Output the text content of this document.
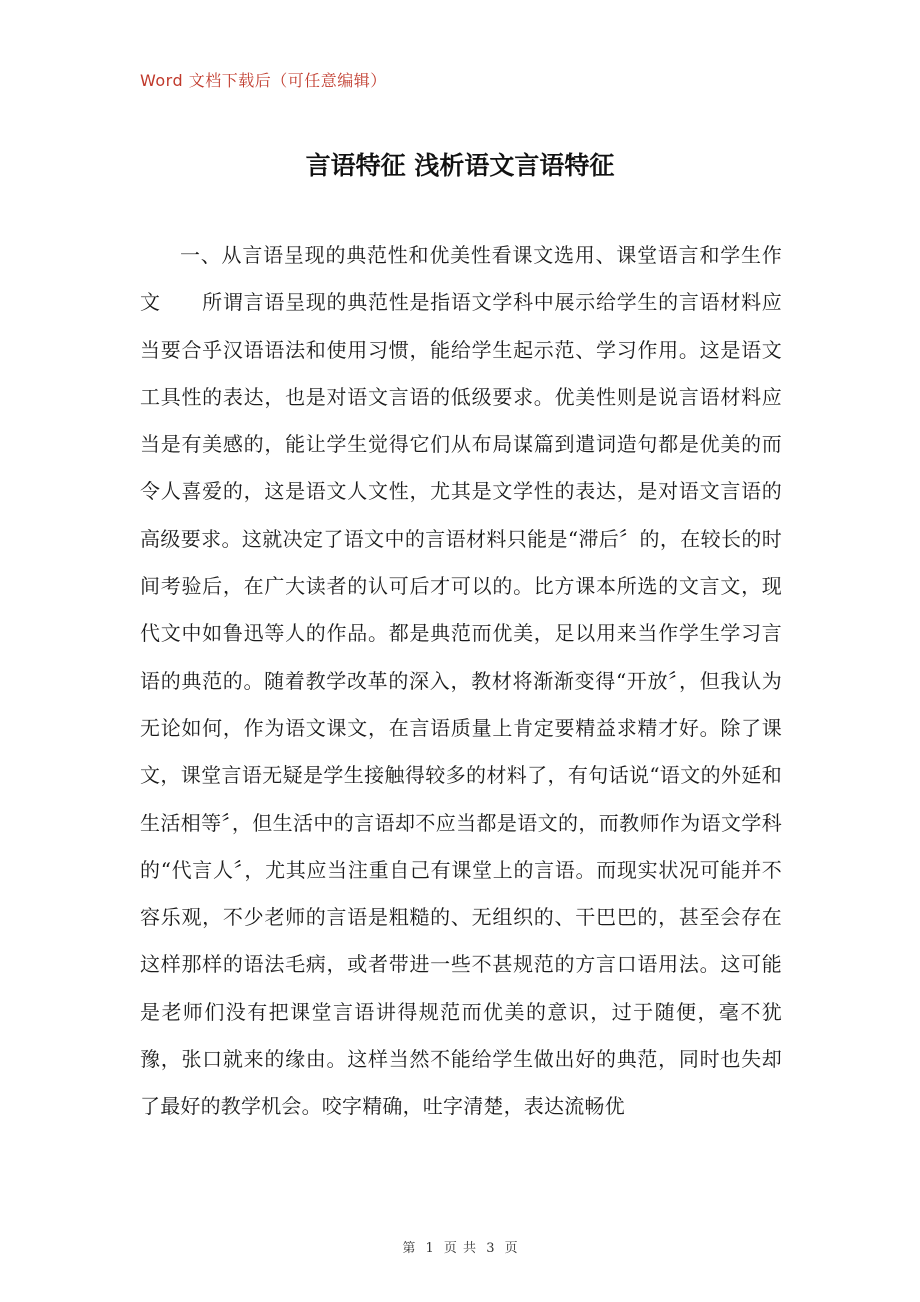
Word 文档下载后（可任意编辑）
言语特征 浅析语文言语特征
一、从言语呈现的典范性和优美性看课文选用、课堂语言和学生作文　　所谓言语呈现的典范性是指语文学科中展示给学生的言语材料应当要合乎汉语语法和使用习惯，能给学生起示范、学习作用。这是语文工具性的表达，也是对语文言语的低级要求。优美性则是说言语材料应当是有美感的，能让学生觉得它们从布局谋篇到遣词造句都是优美的而令人喜爱的，这是语文人文性，尤其是文学性的表达，是对语文言语的高级要求。这就决定了语文中的言语材料只能是“滞后〞的，在较长的时间考验后，在广大读者的认可后才可以的。比方课本所选的文言文，现代文中如鲁迅等人的作品。都是典范而优美，足以用来当作学生学习言语的典范的。随着教学改革的深入，教材将渐渐变得“开放〞，但我认为无论如何，作为语文课文，在言语质量上肯定要精益求精才好。除了课文，课堂言语无疑是学生接触得较多的材料了，有句话说“语文的外延和生活相等〞，但生活中的言语却不应当都是语文的，而教师作为语文学科的“代言人〞，尤其应当注重自己有课堂上的言语。而现实状况可能并不容乐观，不少老师的言语是粗糙的、无组织的、干巴巴的，甚至会存在这样那样的语法毛病，或者带进一些不甚规范的方言口语用法。这可能是老师们没有把课堂言语讲得规范而优美的意识，过于随便，毫不犹豫，张口就来的缘由。这样当然不能给学生做出好的典范，同时也失却了最好的教学机会。咬字精确，吐字清楚，表达流畅优
第 1 页 共 3 页
